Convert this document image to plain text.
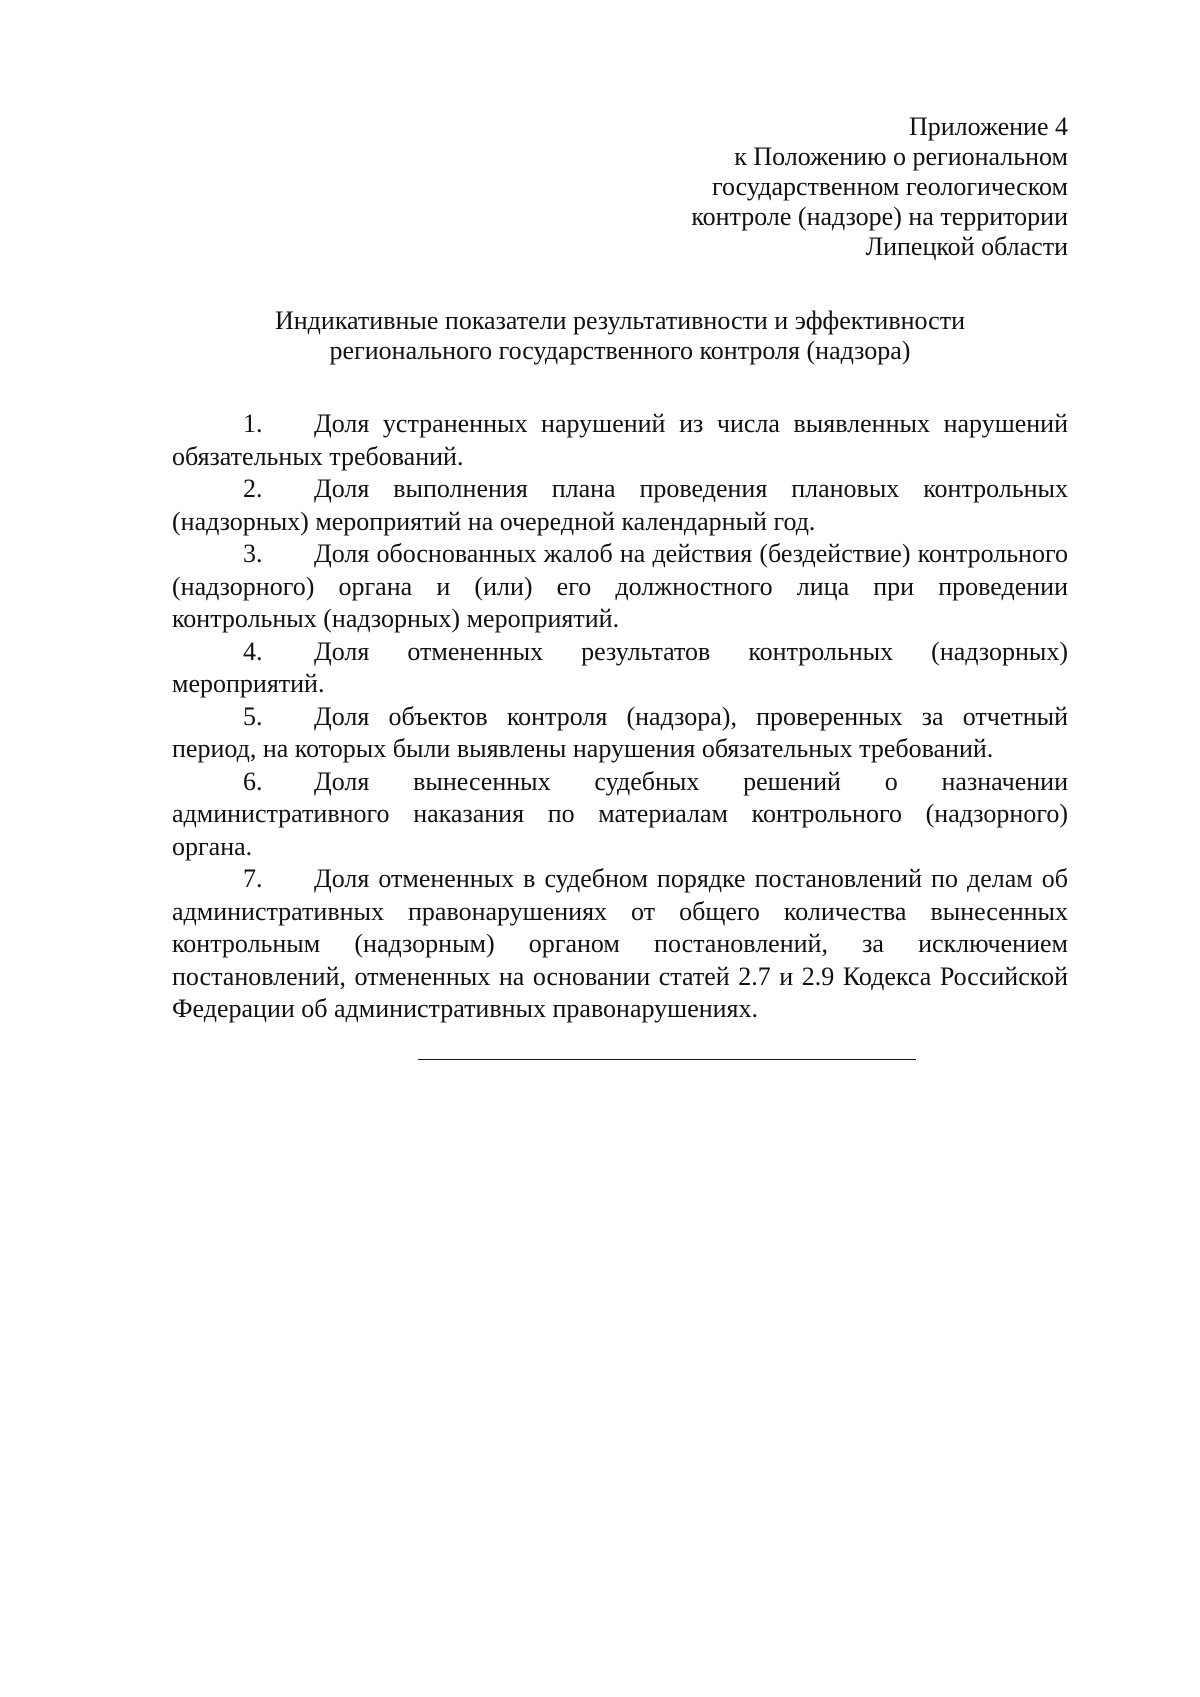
Приложение 4
к Положению о региональном
государственном геологическом
контроле (надзоре) на территории
Липецкой области
Индикативные показатели результативности и эффективности
регионального государственного контроля (надзора)
1. Доля устраненных нарушений из числа выявленных нарушений обязательных требований.
2. Доля выполнения плана проведения плановых контрольных (надзорных) мероприятий на очередной календарный год.
3. Доля обоснованных жалоб на действия (бездействие) контрольного (надзорного) органа и (или) его должностного лица при проведении контрольных (надзорных) мероприятий.
4. Доля отмененных результатов контрольных (надзорных) мероприятий.
5. Доля объектов контроля (надзора), проверенных за отчетный период, на которых были выявлены нарушения обязательных требований.
6. Доля вынесенных судебных решений о назначении административного наказания по материалам контрольного (надзорного) органа.
7. Доля отмененных в судебном порядке постановлений по делам об административных правонарушениях от общего количества вынесенных контрольным (надзорным) органом постановлений, за исключением постановлений, отмененных на основании статей 2.7 и 2.9 Кодекса Российской Федерации об административных правонарушениях.
